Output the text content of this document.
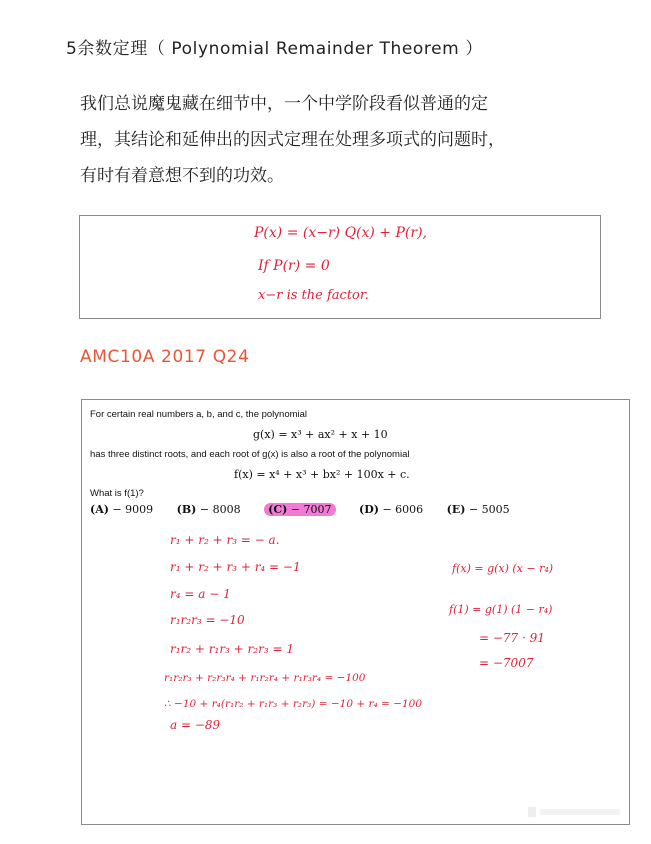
5余数定理（ Polynomial Remainder Theorem ）
我们总说魔鬼藏在细节中，一个中学阶段看似普通的定
理，其结论和延伸出的因式定理在处理多项式的问题时，
有时有着意想不到的功效。
P(x) = (x−r) Q(x) + P(r),
If P(r) = 0
x−r is the factor.
AMC10A 2017 Q24
For certain real numbers a, b, and c, the polynomial
g(x) = x³ + ax² + x + 10
has three distinct roots, and each root of g(x) is also a root of the polynomial
f(x) = x⁴ + x³ + bx² + 100x + c.
What is f(1)?
(A) − 9009 (B) − 8008	(C) − 7007	(D) − 6006 (E) − 5005
r₁ + r₂ + r₃ = − a.
r₁ + r₂ + r₃ + r₄ = −1
r₄ = a − 1
r₁r₂r₃ = −10
r₁r₂ + r₁r₃ + r₂r₃ = 1
r₁r₂r₃ + r₂r₃r₄ + r₁r₂r₄ + r₁r₃r₄ = −100
∴ −10 + r₄(r₁r₂ + r₁r₃ + r₂r₃) = −10 + r₄ = −100
a = −89
f(x) = g(x) (x − r₄)
f(1) = g(1) (1 − r₄)
= −77 · 91
= −7007
